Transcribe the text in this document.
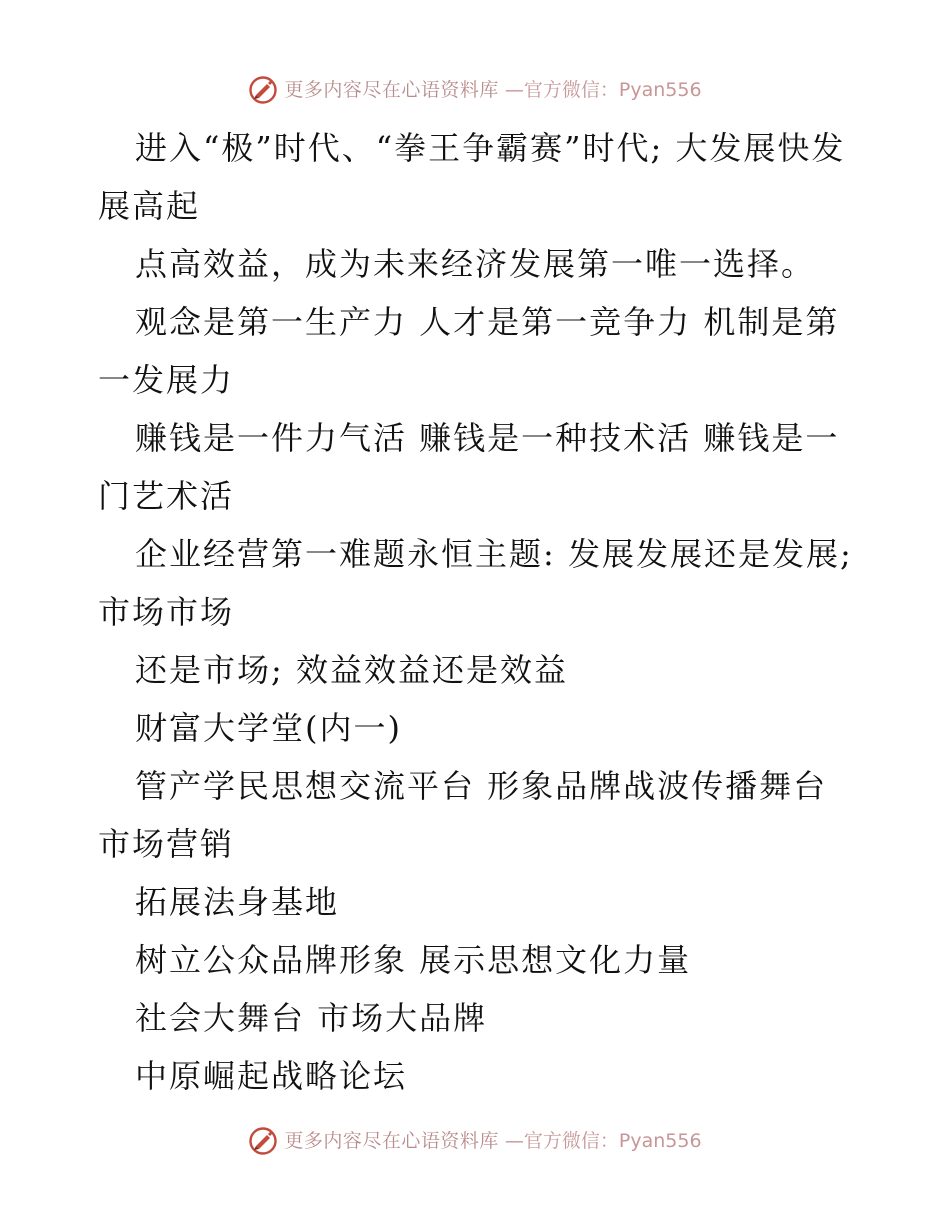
更多内容尽在心语资料库 —官方微信：Pyan556

进入“极”时代、“拳王争霸赛”时代; 大发展快发展高起

点高效益，成为未来经济发展第一唯一选择。

观念是第一生产力 人才是第一竞争力 机制是第一发展力

赚钱是一件力气活 赚钱是一种技术活 赚钱是一门艺术活

企业经营第一难题永恒主题: 发展发展还是发展; 市场市场

还是市场; 效益效益还是效益

财富大学堂(内一)

管产学民思想交流平台 形象品牌战波传播舞台市场营销

拓展法身基地

树立公众品牌形象 展示思想文化力量

社会大舞台 市场大品牌

中原崛起战略论坛

更多内容尽在心语资料库 —官方微信：Pyan556
